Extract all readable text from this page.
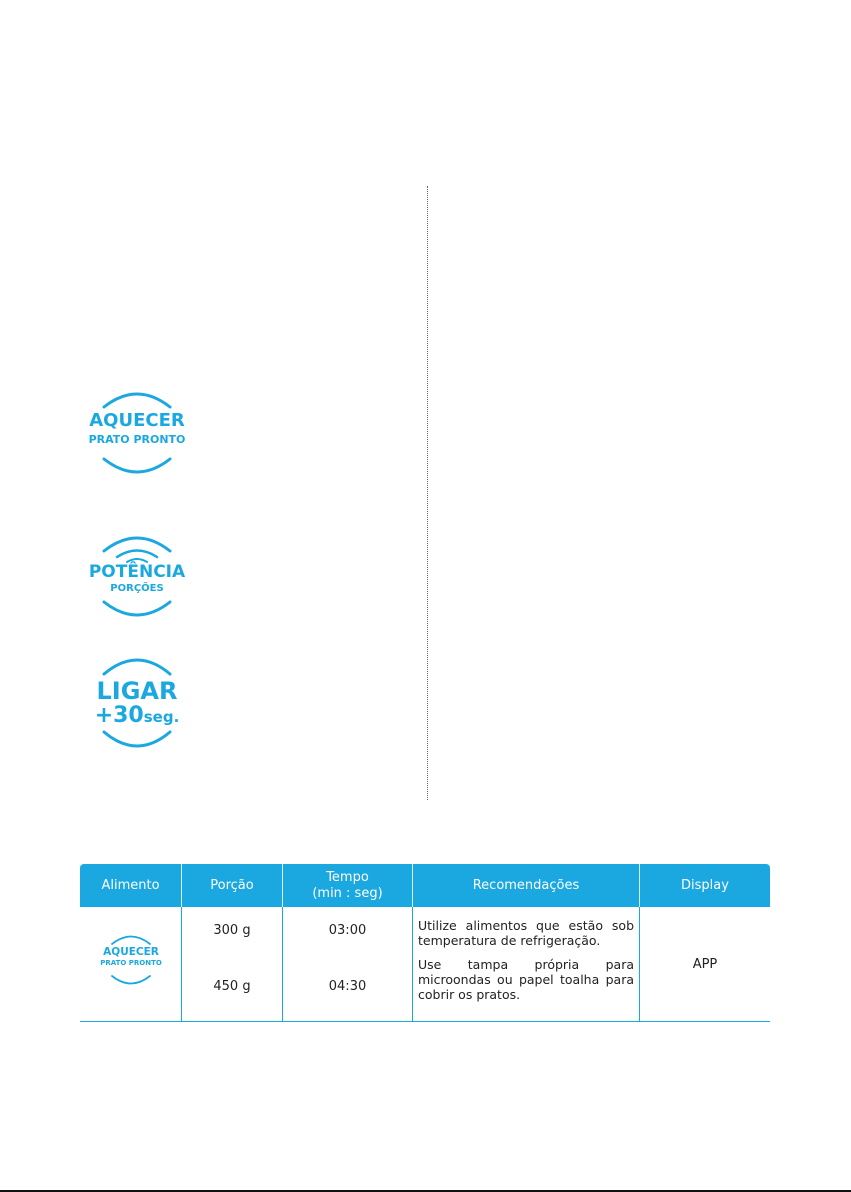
AQUECER
PRATO PRONTO
POTÊNCIA
PORÇÕES
LIGAR
+30seg.
Alimento	Porção
Tempo
(min : seg)
Recomendações	Display
AQUECER
PRATO PRONTO
300 g
450 g
03:00
04:30
Utilize alimentos que estão sob temperatura de refrigeração.
Use tampa própria para microondas ou papel toalha para cobrir os pratos.
APP
